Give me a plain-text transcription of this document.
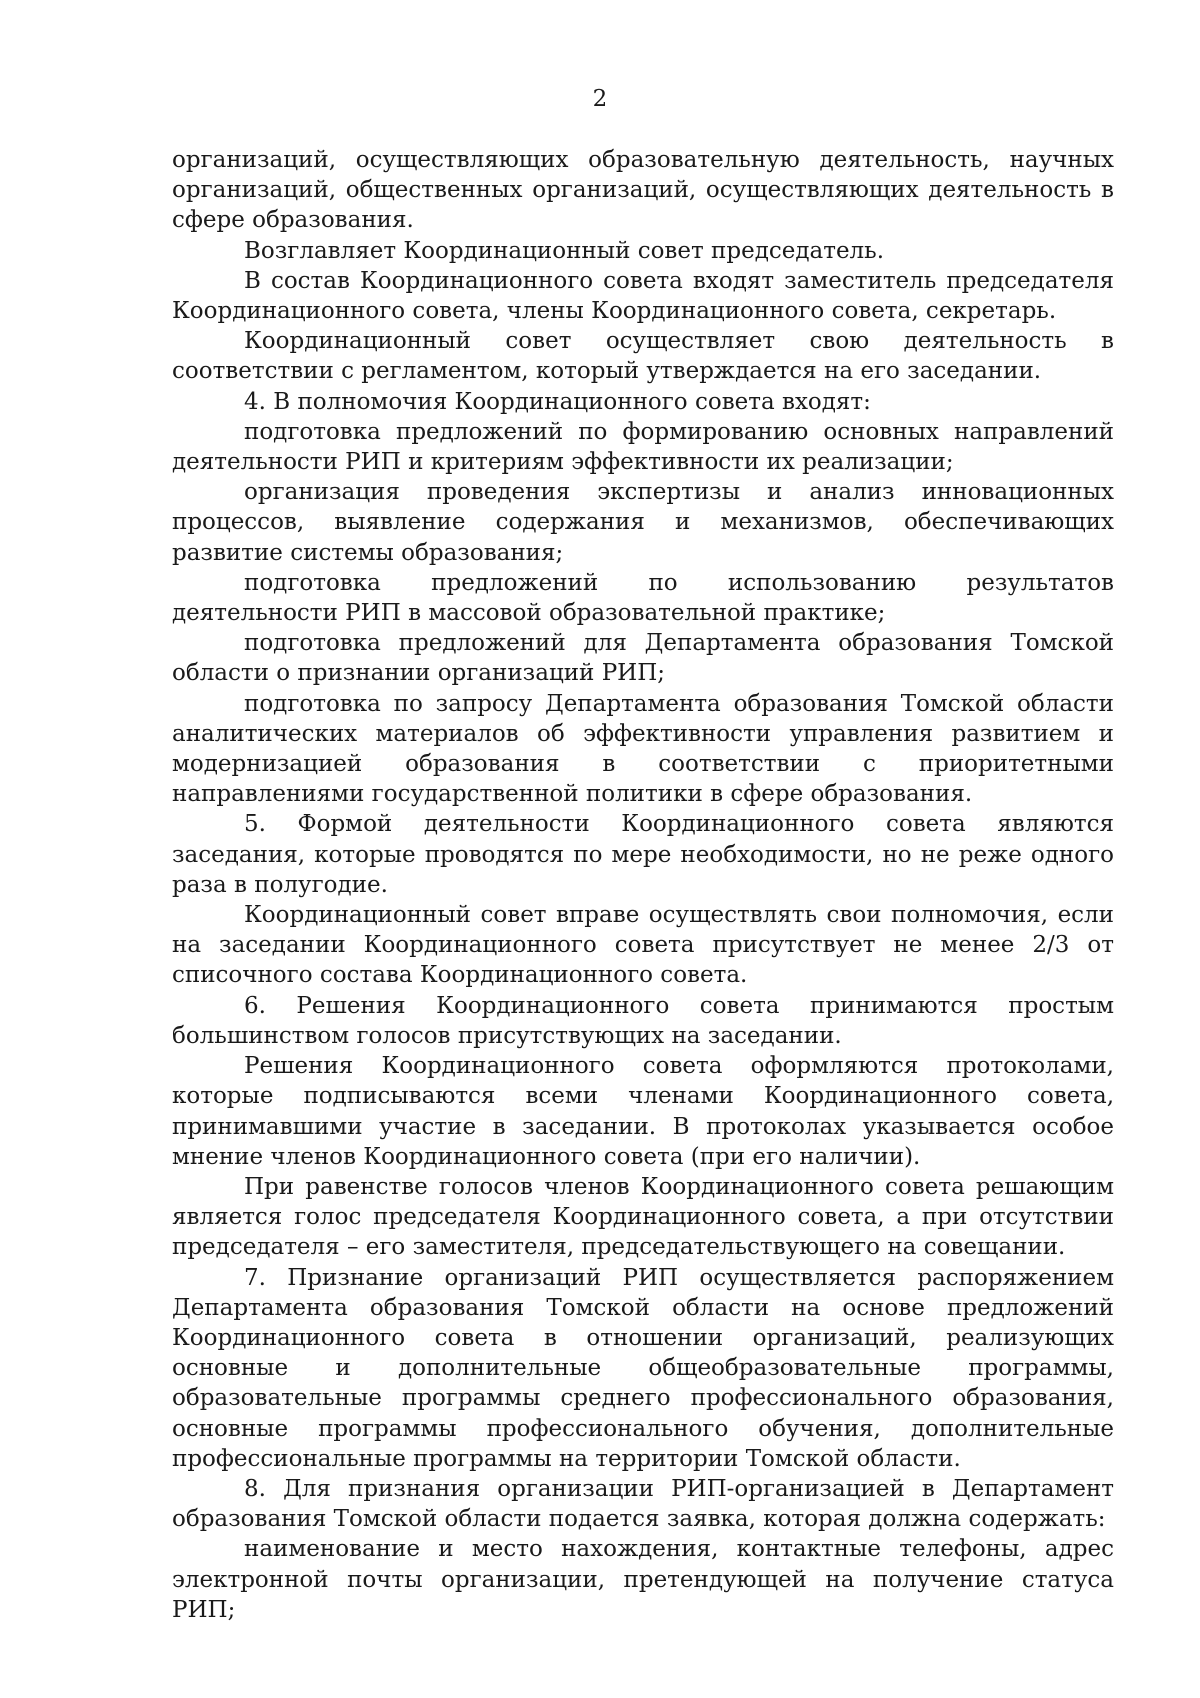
2

организаций, осуществляющих образовательную деятельность, научных организаций, общественных организаций, осуществляющих деятельность в сфере образования.

Возглавляет Координационный совет председатель.

В состав Координационного совета входят заместитель председателя Координационного совета, члены Координационного совета, секретарь.

Координационный совет осуществляет свою деятельность в соответствии с регламентом, который утверждается на его заседании.

4. В полномочия Координационного совета входят:

подготовка предложений по формированию основных направлений деятельности РИП и критериям эффективности их реализации;

организация проведения экспертизы и анализ инновационных процессов, выявление содержания и механизмов, обеспечивающих развитие системы образования;

подготовка предложений по использованию результатов деятельности РИП в массовой образовательной практике;

подготовка предложений для Департамента образования Томской области о признании организаций РИП;

подготовка по запросу Департамента образования Томской области аналитических материалов об эффективности управления развитием и модернизацией образования в соответствии с приоритетными направлениями государственной политики в сфере образования.

5. Формой деятельности Координационного совета являются заседания, которые проводятся по мере необходимости, но не реже одного раза в полугодие.

Координационный совет вправе осуществлять свои полномочия, если на заседании Координационного совета присутствует не менее 2/3 от списочного состава Координационного совета.

6. Решения Координационного совета принимаются простым большинством голосов присутствующих на заседании.

Решения Координационного совета оформляются протоколами, которые подписываются всеми членами Координационного совета, принимавшими участие в заседании. В протоколах указывается особое мнение членов Координационного совета (при его наличии).

При равенстве голосов членов Координационного совета решающим является голос председателя Координационного совета, а при отсутствии председателя – его заместителя, председательствующего на совещании.

7. Признание организаций РИП осуществляется распоряжением Департамента образования Томской области на основе предложений Координационного совета в отношении организаций, реализующих основные и дополнительные общеобразовательные программы, образовательные программы среднего профессионального образования, основные программы профессионального обучения, дополнительные профессиональные программы на территории Томской области.

8. Для признания организации РИП-организацией в Департамент образования Томской области подается заявка, которая должна содержать:

наименование и место нахождения, контактные телефоны, адрес электронной почты организации, претендующей на получение статуса РИП;
